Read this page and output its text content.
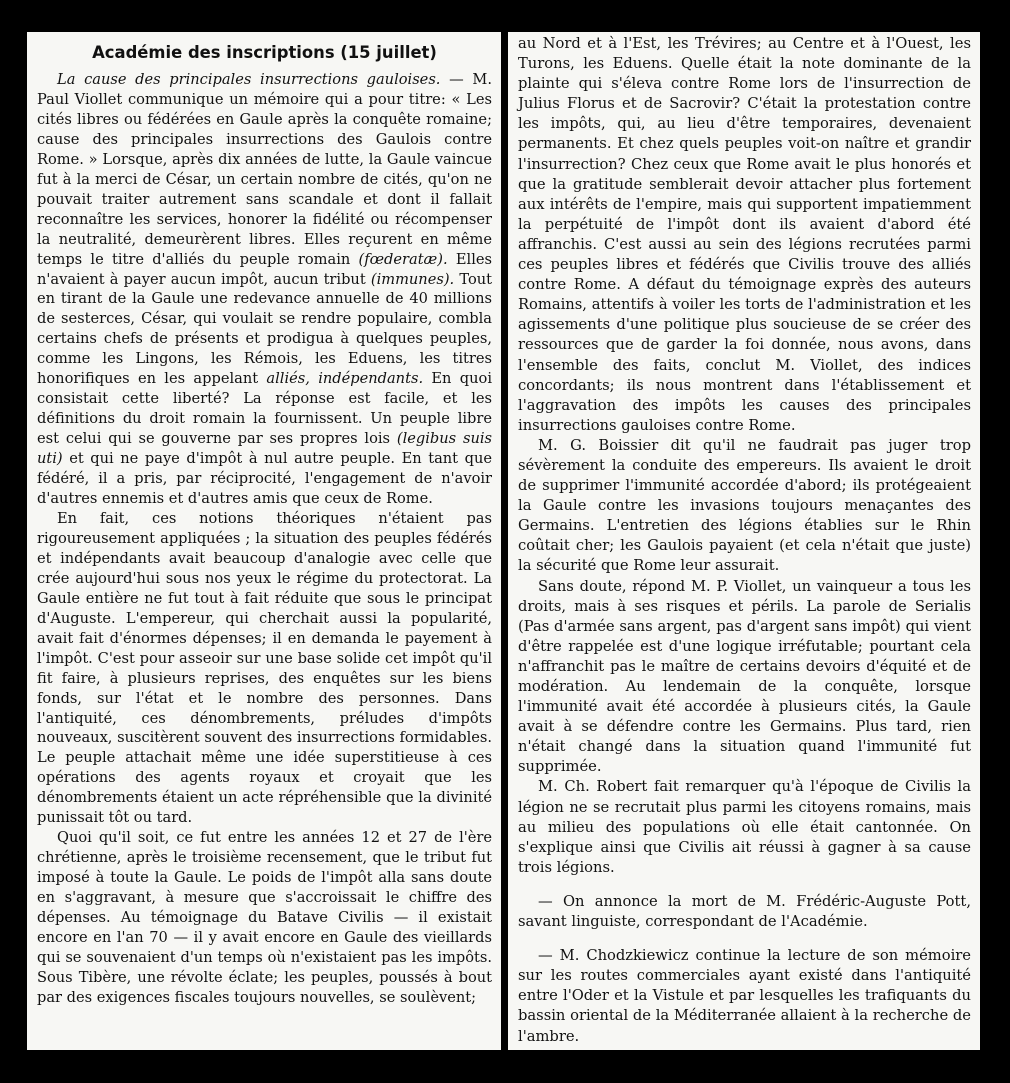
Académie des inscriptions (15 juillet)

La cause des principales insurrections gauloises. — M. Paul Viollet communique un mémoire qui a pour titre: « Les cités libres ou fédérées en Gaule après la conquête romaine; cause des principales insurrections des Gaulois contre Rome. » Lorsque, après dix années de lutte, la Gaule vaincue fut à la merci de César, un certain nombre de cités, qu'on ne pouvait traiter autrement sans scandale et dont il fallait reconnaître les services, honorer la fidélité ou récompenser la neutralité, demeurèrent libres. Elles reçurent en même temps le titre d'alliés du peuple romain (fœderatæ). Elles n'avaient à payer aucun impôt, aucun tribut (immunes). Tout en tirant de la Gaule une redevance annuelle de 40 millions de sesterces, César, qui voulait se rendre populaire, combla certains chefs de présents et prodigua à quelques peuples, comme les Lingons, les Rémois, les Eduens, les titres honorifiques en les appelant alliés, indépendants. En quoi consistait cette liberté? La réponse est facile, et les définitions du droit romain la fournissent. Un peuple libre est celui qui se gouverne par ses propres lois (legibus suis uti) et qui ne paye d'impôt à nul autre peuple. En tant que fédéré, il a pris, par réciprocité, l'engagement de n'avoir d'autres ennemis et d'autres amis que ceux de Rome.

En fait, ces notions théoriques n'étaient pas rigoureusement appliquées ; la situation des peuples fédérés et indépendants avait beaucoup d'analogie avec celle que crée aujourd'hui sous nos yeux le régime du protectorat. La Gaule entière ne fut tout à fait réduite que sous le principat d'Auguste. L'empereur, qui cherchait aussi la popularité, avait fait d'énormes dépenses; il en demanda le payement à l'impôt. C'est pour asseoir sur une base solide cet impôt qu'il fit faire, à plusieurs reprises, des enquêtes sur les biens fonds, sur l'état et le nombre des personnes. Dans l'antiquité, ces dénombrements, préludes d'impôts nouveaux, suscitèrent souvent des insurrections formidables. Le peuple attachait même une idée superstitieuse à ces opérations des agents royaux et croyait que les dénombrements étaient un acte répréhensible que la divinité punissait tôt ou tard.

Quoi qu'il soit, ce fut entre les années 12 et 27 de l'ère chrétienne, après le troisième recensement, que le tribut fut imposé à toute la Gaule. Le poids de l'impôt alla sans doute en s'aggravant, à mesure que s'accroissait le chiffre des dépenses. Au témoignage du Batave Civilis — il existait encore en l'an 70 — il y avait encore en Gaule des vieillards qui se souvenaient d'un temps où n'existaient pas les impôts. Sous Tibère, une révolte éclate; les peuples, poussés à bout par des exigences fiscales toujours nouvelles, se soulèvent;

au Nord et à l'Est, les Trévires; au Centre et à l'Ouest, les Turons, les Eduens. Quelle était la note dominante de la plainte qui s'éleva contre Rome lors de l'insurrection de Julius Florus et de Sacrovir? C'était la protestation contre les impôts, qui, au lieu d'être temporaires, devenaient permanents. Et chez quels peuples voit-on naître et grandir l'insurrection? Chez ceux que Rome avait le plus honorés et que la gratitude semblerait devoir attacher plus fortement aux intérêts de l'empire, mais qui supportent impatiemment la perpétuité de l'impôt dont ils avaient d'abord été affranchis. C'est aussi au sein des légions recrutées parmi ces peuples libres et fédérés que Civilis trouve des alliés contre Rome. A défaut du témoignage exprès des auteurs Romains, attentifs à voiler les torts de l'administration et les agissements d'une politique plus soucieuse de se créer des ressources que de garder la foi donnée, nous avons, dans l'ensemble des faits, conclut M. Viollet, des indices concordants; ils nous montrent dans l'établissement et l'aggravation des impôts les causes des principales insurrections gauloises contre Rome.

M. G. Boissier dit qu'il ne faudrait pas juger trop sévèrement la conduite des empereurs. Ils avaient le droit de supprimer l'immunité accordée d'abord; ils protégeaient la Gaule contre les invasions toujours menaçantes des Germains. L'entretien des légions établies sur le Rhin coûtait cher; les Gaulois payaient (et cela n'était que juste) la sécurité que Rome leur assurait.

Sans doute, répond M. P. Viollet, un vainqueur a tous les droits, mais à ses risques et périls. La parole de Serialis (Pas d'armée sans argent, pas d'argent sans impôt) qui vient d'être rappelée est d'une logique irréfutable; pourtant cela n'affranchit pas le maître de certains devoirs d'équité et de modération. Au lendemain de la conquête, lorsque l'immunité avait été accordée à plusieurs cités, la Gaule avait à se défendre contre les Germains. Plus tard, rien n'était changé dans la situation quand l'immunité fut supprimée.

M. Ch. Robert fait remarquer qu'à l'époque de Civilis la légion ne se recrutait plus parmi les citoyens romains, mais au milieu des populations où elle était cantonnée. On s'explique ainsi que Civilis ait réussi à gagner à sa cause trois légions.

— On annonce la mort de M. Frédéric-Auguste Pott, savant linguiste, correspondant de l'Académie.

— M. Chodzkiewicz continue la lecture de son mémoire sur les routes commerciales ayant existé dans l'antiquité entre l'Oder et la Vistule et par lesquelles les trafiquants du bassin oriental de la Méditerranée allaient à la recherche de l'ambre.
